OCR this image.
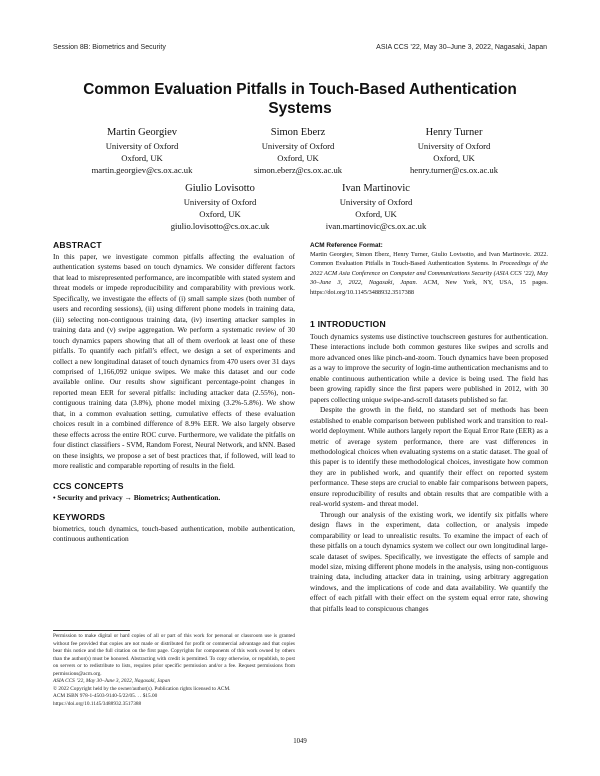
Session 8B: Biometrics and Security	ASIA CCS ’22, May 30–June 3, 2022, Nagasaki, Japan
Common Evaluation Pitfalls in Touch-Based Authentication Systems
Martin Georgiev
University of Oxford
Oxford, UK
martin.georgiev@cs.ox.ac.uk
Simon Eberz
University of Oxford
Oxford, UK
simon.eberz@cs.ox.ac.uk
Henry Turner
University of Oxford
Oxford, UK
henry.turner@cs.ox.ac.uk
Giulio Lovisotto
University of Oxford
Oxford, UK
giulio.lovisotto@cs.ox.ac.uk
Ivan Martinovic
University of Oxford
Oxford, UK
ivan.martinovic@cs.ox.ac.uk

ABSTRACT

In this paper, we investigate common pitfalls affecting the evaluation of authentication systems based on touch dynamics. We consider different factors that lead to misrepresented performance, are incompatible with stated system and threat models or impede reproducibility and comparability with previous work. Specifically, we investigate the effects of (i) small sample sizes (both number of users and recording sessions), (ii) using different phone models in training data, (iii) selecting non-contiguous training data, (iv) inserting attacker samples in training data and (v) swipe aggregation. We perform a systematic review of 30 touch dynamics papers showing that all of them overlook at least one of these pitfalls. To quantify each pitfall’s effect, we design a set of experiments and collect a new longitudinal dataset of touch dynamics from 470 users over 31 days comprised of 1,166,092 unique swipes. We make this dataset and our code available online. Our results show significant percentage-point changes in reported mean EER for several pitfalls: including attacker data (2.55%), non-contiguous training data (3.8%), phone model mixing (3.2%-5.8%). We show that, in a common evaluation setting, cumulative effects of these evaluation choices result in a combined difference of 8.9% EER. We also largely observe these effects across the entire ROC curve. Furthermore, we validate the pitfalls on four distinct classifiers - SVM, Random Forest, Neural Network, and kNN. Based on these insights, we propose a set of best practices that, if followed, will lead to more realistic and comparable reporting of results in the field.

CCS CONCEPTS

• Security and privacy → Biometrics; Authentication.

KEYWORDS

biometrics, touch dynamics, touch-based authentication, mobile authentication, continuous authentication

Permission to make digital or hard copies of all or part of this work for personal or classroom use is granted without fee provided that copies are not made or distributed for profit or commercial advantage and that copies bear this notice and the full citation on the first page. Copyrights for components of this work owned by others than the author(s) must be honored. Abstracting with credit is permitted. To copy otherwise, or republish, to post on servers or to redistribute to lists, requires prior specific permission and/or a fee. Request permissions from permissions@acm.org.

ASIA CCS ’22, May 30–June 3, 2022, Nagasaki, Japan

© 2022 Copyright held by the owner/author(s). Publication rights licensed to ACM.

ACM ISBN 978-1-4503-9140-5/22/05. . . $15.00

https://doi.org/10.1145/3488932.3517388

ACM Reference Format:

Martin Georgiev, Simon Eberz, Henry Turner, Giulio Lovisotto, and Ivan Martinovic. 2022. Common Evaluation Pitfalls in Touch-Based Authentication Systems. In Proceedings of the 2022 ACM Asia Conference on Computer and Communications Security (ASIA CCS ’22), May 30–June 3, 2022, Nagasaki, Japan. ACM, New York, NY, USA, 15 pages. https://doi.org/10.1145/3488932.3517388

1 INTRODUCTION

Touch dynamics systems use distinctive touchscreen gestures for authentication. These interactions include both common gestures like swipes and scrolls and more advanced ones like pinch-and-zoom. Touch dynamics have been proposed as a way to improve the security of login-time authentication mechanisms and to enable continuous authentication while a device is being used. The field has been growing rapidly since the first papers were published in 2012, with 30 papers collecting unique swipe-and-scroll datasets published so far.

Despite the growth in the field, no standard set of methods has been established to enable comparison between published work and transition to real-world deployment. While authors largely report the Equal Error Rate (EER) as a metric of average system performance, there are vast differences in methodological choices when evaluating systems on a static dataset. The goal of this paper is to identify these methodological choices, investigate how common they are in published work, and quantify their effect on reported system performance. These steps are crucial to enable fair comparisons between papers, ensure reproducibility of results and obtain results that are compatible with a real-world system- and threat model.

Through our analysis of the existing work, we identify six pitfalls where design flaws in the experiment, data collection, or analysis impede comparability or lead to unrealistic results. To examine the impact of each of these pitfalls on a touch dynamics system we collect our own longitudinal large-scale dataset of swipes. Specifically, we investigate the effects of sample and model size, mixing different phone models in the analysis, using non-contiguous training data, including attacker data in training, using arbitrary aggregation windows, and the implications of code and data availability. We quantify the effect of each pitfall with their effect on the system equal error rate, showing that pitfalls lead to conspicuous changes

1049
